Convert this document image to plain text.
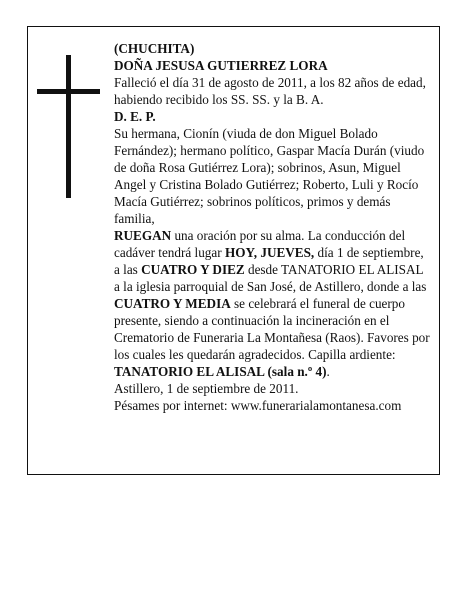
(CHUCHITA)

DOÑA JESUSA GUTIERREZ LORA

Falleció el día 31 de agosto de 2011, a los 82 años de edad, habiendo recibido los SS. SS. y la B. A.

D. E. P.

Su hermana, Cionín (viuda de don Miguel Bolado Fernández); hermano político, Gaspar Macía Durán (viudo de doña Rosa Gutiérrez Lora); sobrinos, Asun, Miguel Angel y Cristina Bolado Gutiérrez; Roberto, Luli y Rocío Macía Gutiérrez; sobrinos políticos, primos y demás familia,

RUEGAN una oración por su alma. La conducción del cadáver tendrá lugar HOY, JUEVES, día 1 de septiembre, a las CUATRO Y DIEZ desde TANATORIO EL ALISAL a la iglesia parroquial de San José, de Astillero, donde a las CUATRO Y MEDIA se celebrará el funeral de cuerpo presente, siendo a continuación la incineración en el Crematorio de Funeraria La Montañesa (Raos). Favores por los cuales les quedarán agradecidos. Capilla ardiente: TANATORIO EL ALISAL (sala n.º 4).

Astillero, 1 de septiembre de 2011.

Pésames por internet: www.funerarialamontanesa.com
